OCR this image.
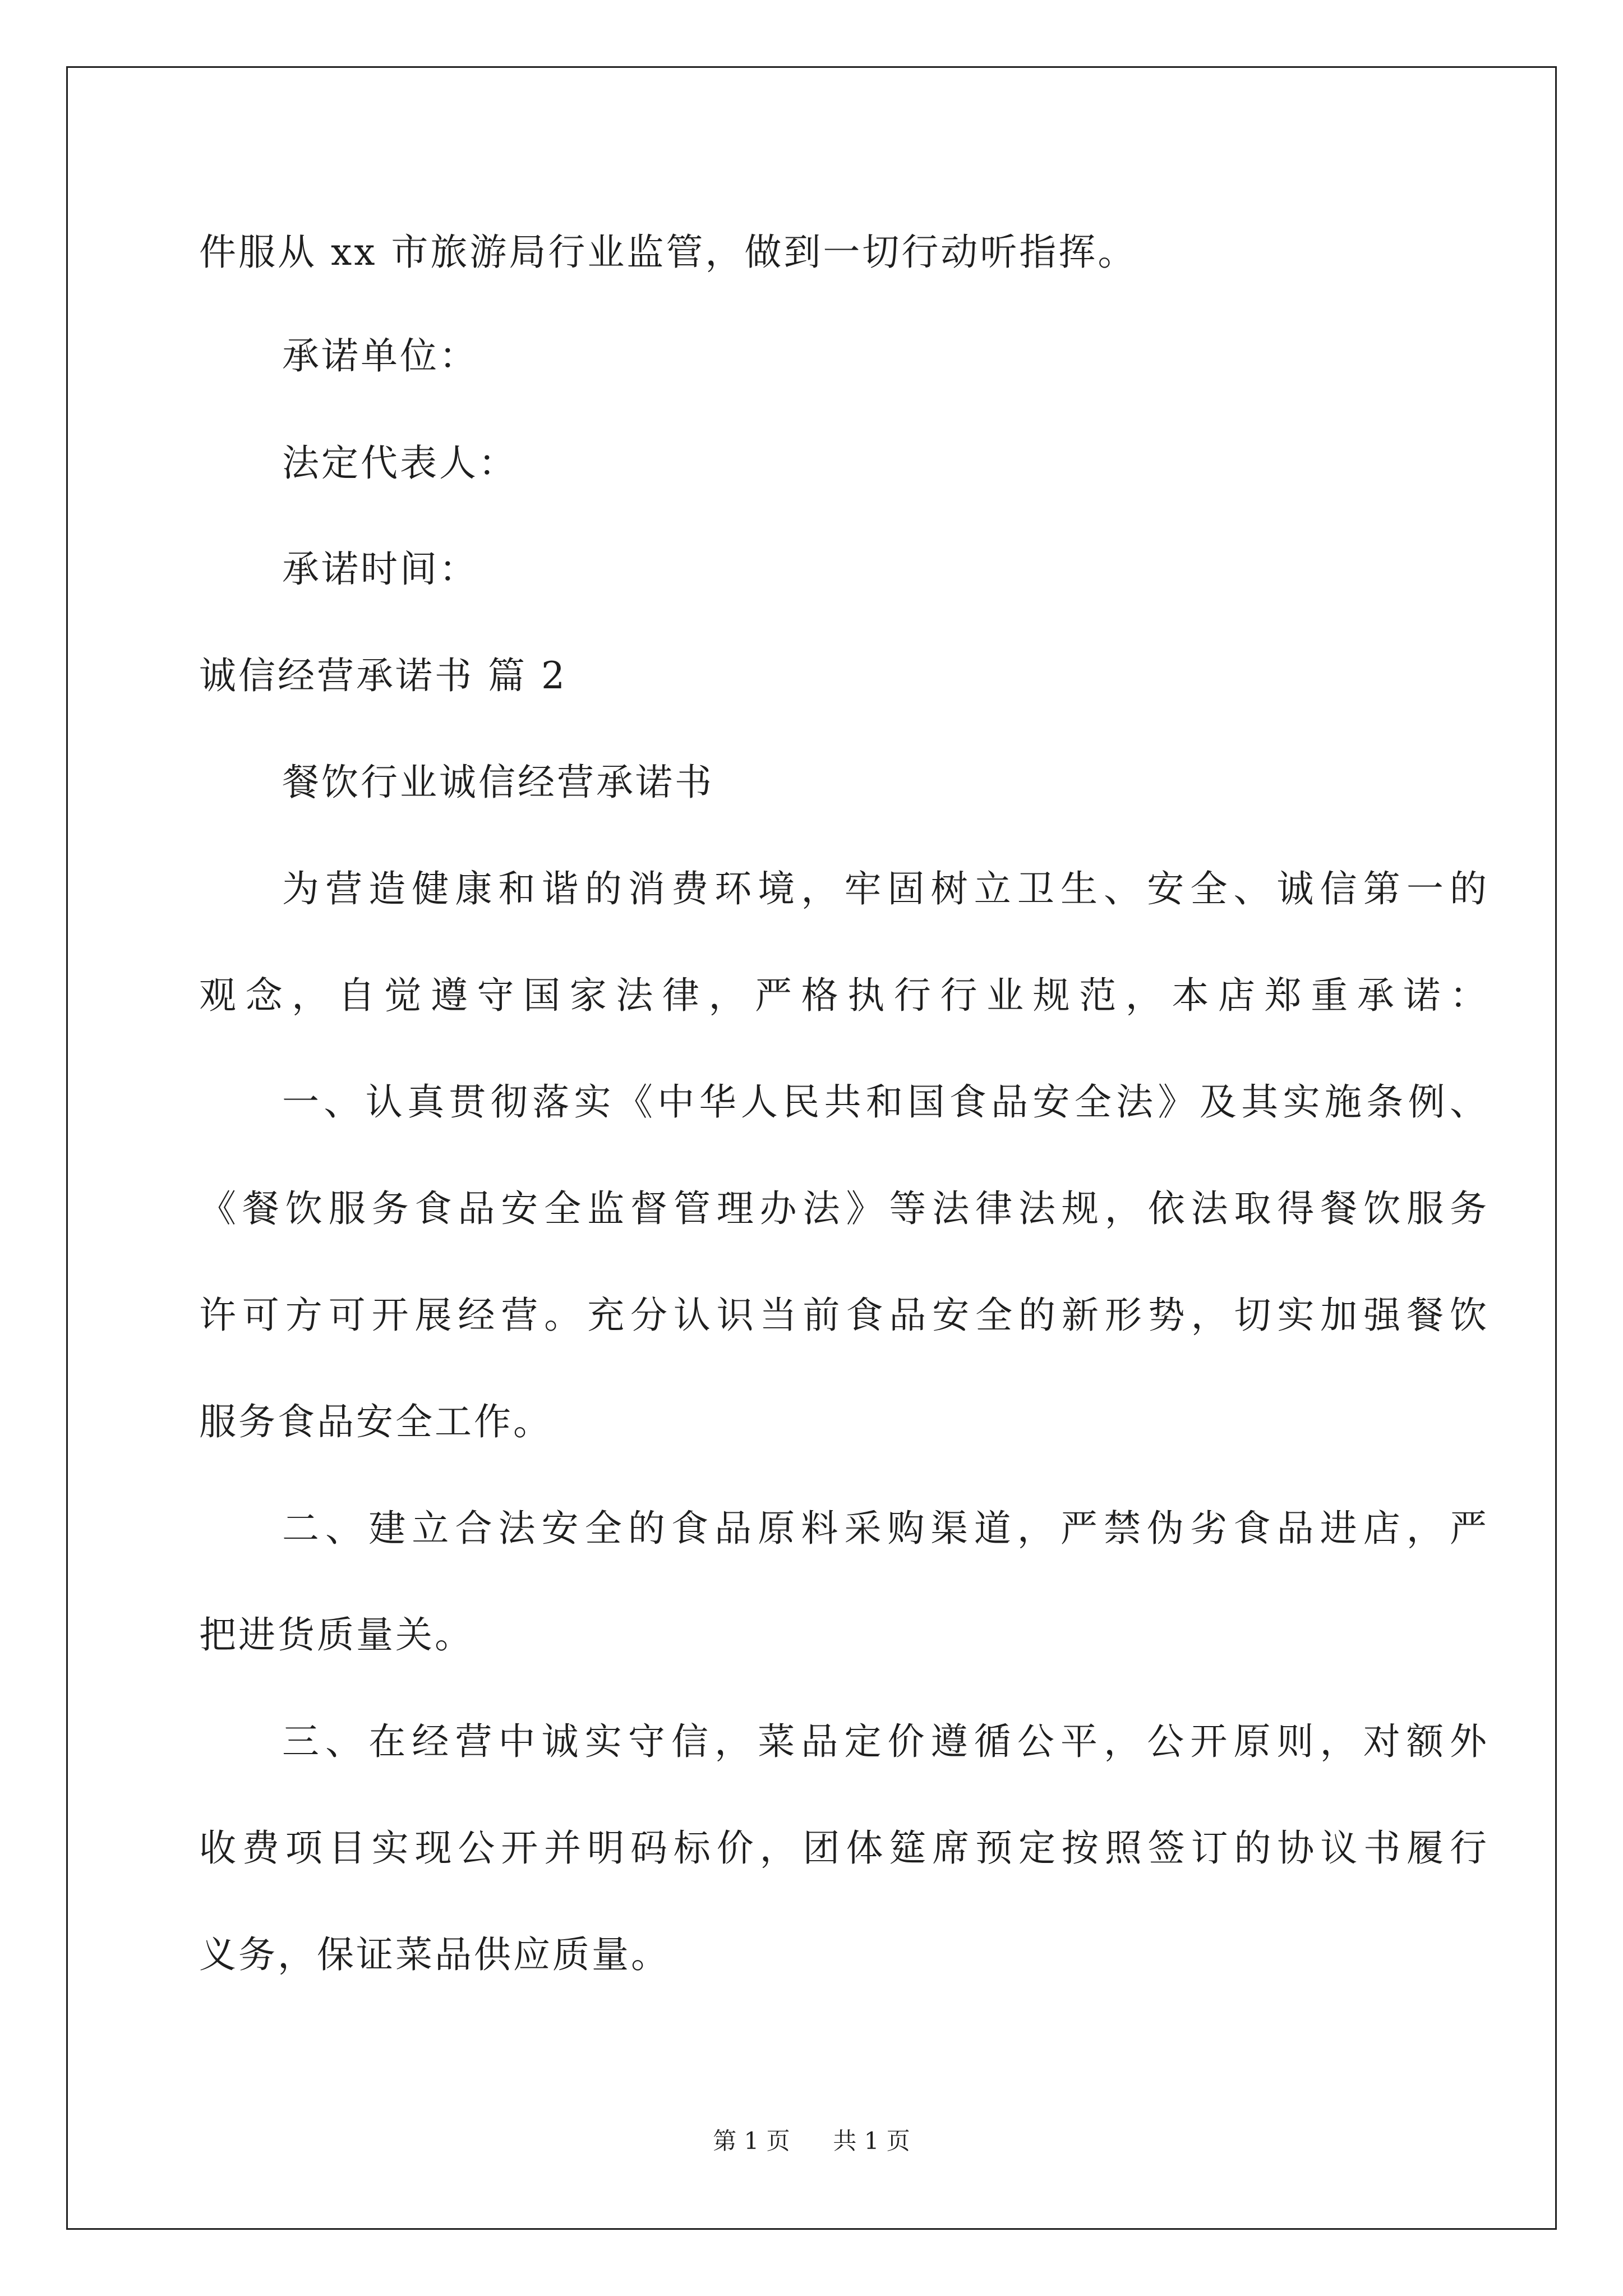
件服从 xx 市旅游局行业监管，做到一切行动听指挥。
承诺单位：
法定代表人：
承诺时间：
诚信经营承诺书 篇 2
餐饮行业诚信经营承诺书
为营造健康和谐的消费环境，牢固树立卫生、安全、诚信第一的
观念，自觉遵守国家法律，严格执行行业规范，本店郑重承诺：
一、认真贯彻落实《中华人民共和国食品安全法》及其实施条例、
《餐饮服务食品安全监督管理办法》等法律法规，依法取得餐饮服务
许可方可开展经营。充分认识当前食品安全的新形势，切实加强餐饮
服务食品安全工作。
二、建立合法安全的食品原料采购渠道，严禁伪劣食品进店，严
把进货质量关。
三、在经营中诚实守信，菜品定价遵循公平，公开原则，对额外
收费项目实现公开并明码标价，团体筵席预定按照签订的协议书履行
义务，保证菜品供应质量。
第 1 页 共 1 页
